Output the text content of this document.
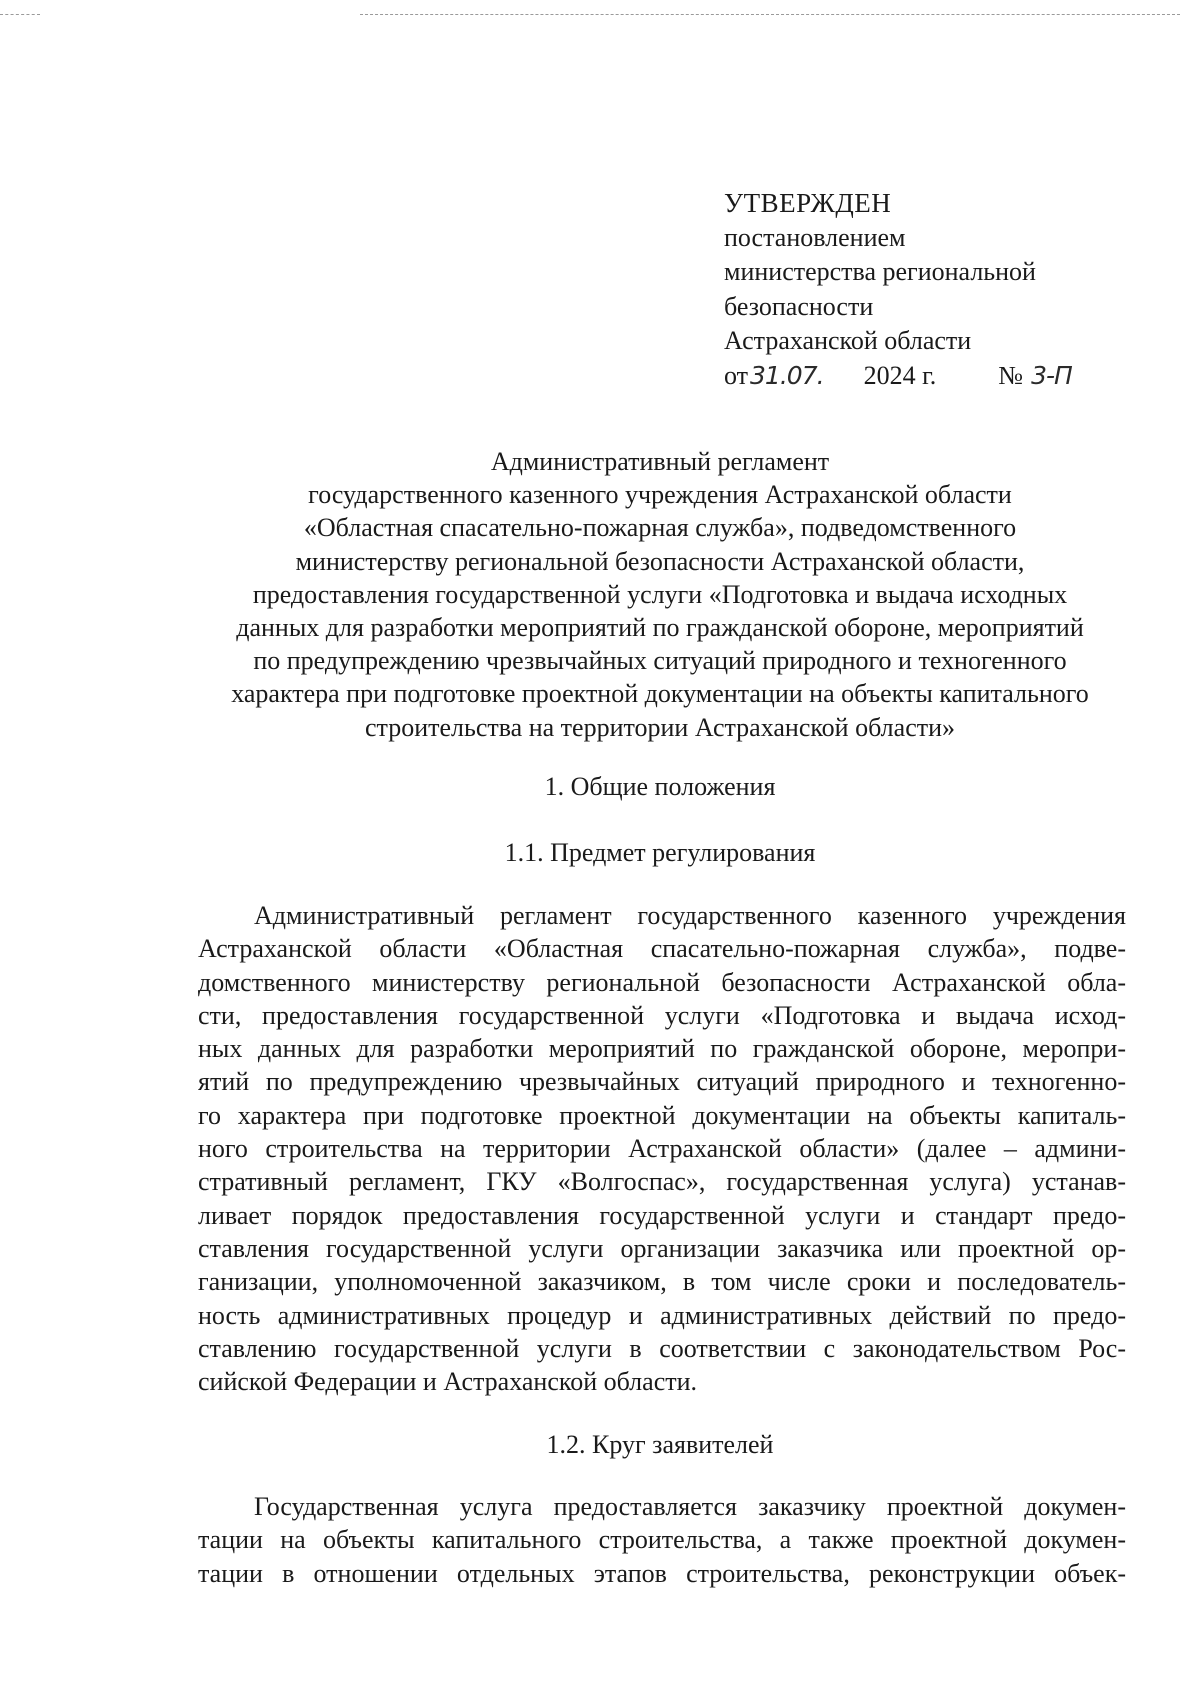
УТВЕРЖДЕН
постановлением
министерства региональной
безопасности
Астраханской области
от31.07. 2024 г. № 3-П
Административный регламент
государственного казенного учреждения Астраханской области
«Областная спасательно-пожарная служба», подведомственного
министерству региональной безопасности Астраханской области,
предоставления государственной услуги «Подготовка и выдача исходных
данных для разработки мероприятий по гражданской обороне, мероприятий
по предупреждению чрезвычайных ситуаций природного и техногенного
характера при подготовке проектной документации на объекты капитального
строительства на территории Астраханской области»
1. Общие положения
1.1. Предмет регулирования
Административный регламент государственного казенного учреждения
Астраханской области «Областная спасательно-пожарная служба», подве-
домственного министерству региональной безопасности Астраханской обла-
сти, предоставления государственной услуги «Подготовка и выдача исход-
ных данных для разработки мероприятий по гражданской обороне, меропри-
ятий по предупреждению чрезвычайных ситуаций природного и техногенно-
го характера при подготовке проектной документации на объекты капиталь-
ного строительства на территории Астраханской области» (далее – админи-
стративный регламент, ГКУ «Волгоспас», государственная услуга) устанав-
ливает порядок предоставления государственной услуги и стандарт предо-
ставления государственной услуги организации заказчика или проектной ор-
ганизации, уполномоченной заказчиком, в том числе сроки и последователь-
ность административных процедур и административных действий по предо-
ставлению государственной услуги в соответствии с законодательством Рос-
сийской Федерации и Астраханской области.
1.2. Круг заявителей
Государственная услуга предоставляется заказчику проектной докумен-
тации на объекты капитального строительства, а также проектной докумен-
тации в отношении отдельных этапов строительства, реконструкции объек-
